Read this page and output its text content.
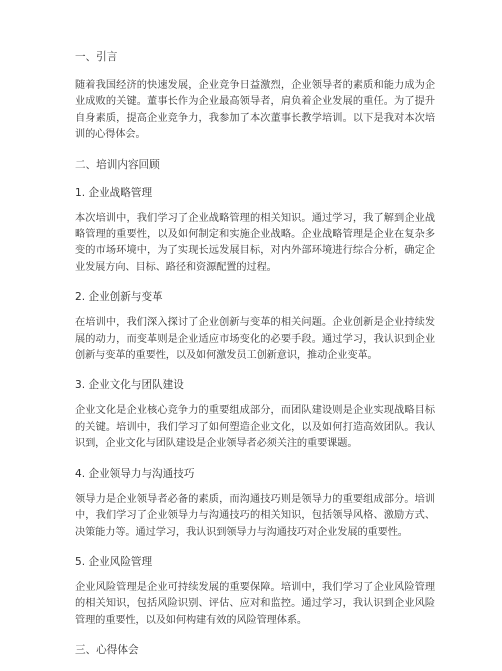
一、引言

随着我国经济的快速发展，企业竞争日益激烈，企业领导者的素质和能力成为企业成败的关键。董事长作为企业最高领导者，肩负着企业发展的重任。为了提升自身素质，提高企业竞争力，我参加了本次董事长教学培训。以下是我对本次培训的心得体会。

二、培训内容回顾
1. 企业战略管理

本次培训中，我们学习了企业战略管理的相关知识。通过学习，我了解到企业战略管理的重要性，以及如何制定和实施企业战略。企业战略管理是企业在复杂多变的市场环境中，为了实现长远发展目标，对内外部环境进行综合分析，确定企业发展方向、目标、路径和资源配置的过程。

2. 企业创新与变革

在培训中，我们深入探讨了企业创新与变革的相关问题。企业创新是企业持续发展的动力，而变革则是企业适应市场变化的必要手段。通过学习，我认识到企业创新与变革的重要性，以及如何激发员工创新意识，推动企业变革。

3. 企业文化与团队建设

企业文化是企业核心竞争力的重要组成部分，而团队建设则是企业实现战略目标的关键。培训中，我们学习了如何塑造企业文化，以及如何打造高效团队。我认识到，企业文化与团队建设是企业领导者必须关注的重要课题。

4. 企业领导力与沟通技巧

领导力是企业领导者必备的素质，而沟通技巧则是领导力的重要组成部分。培训中，我们学习了企业领导力与沟通技巧的相关知识，包括领导风格、激励方式、决策能力等。通过学习，我认识到领导力与沟通技巧对企业发展的重要性。

5. 企业风险管理

企业风险管理是企业可持续发展的重要保障。培训中，我们学习了企业风险管理的相关知识，包括风险识别、评估、应对和监控。通过学习，我认识到企业风险管理的重要性，以及如何构建有效的风险管理体系。

三、心得体会
